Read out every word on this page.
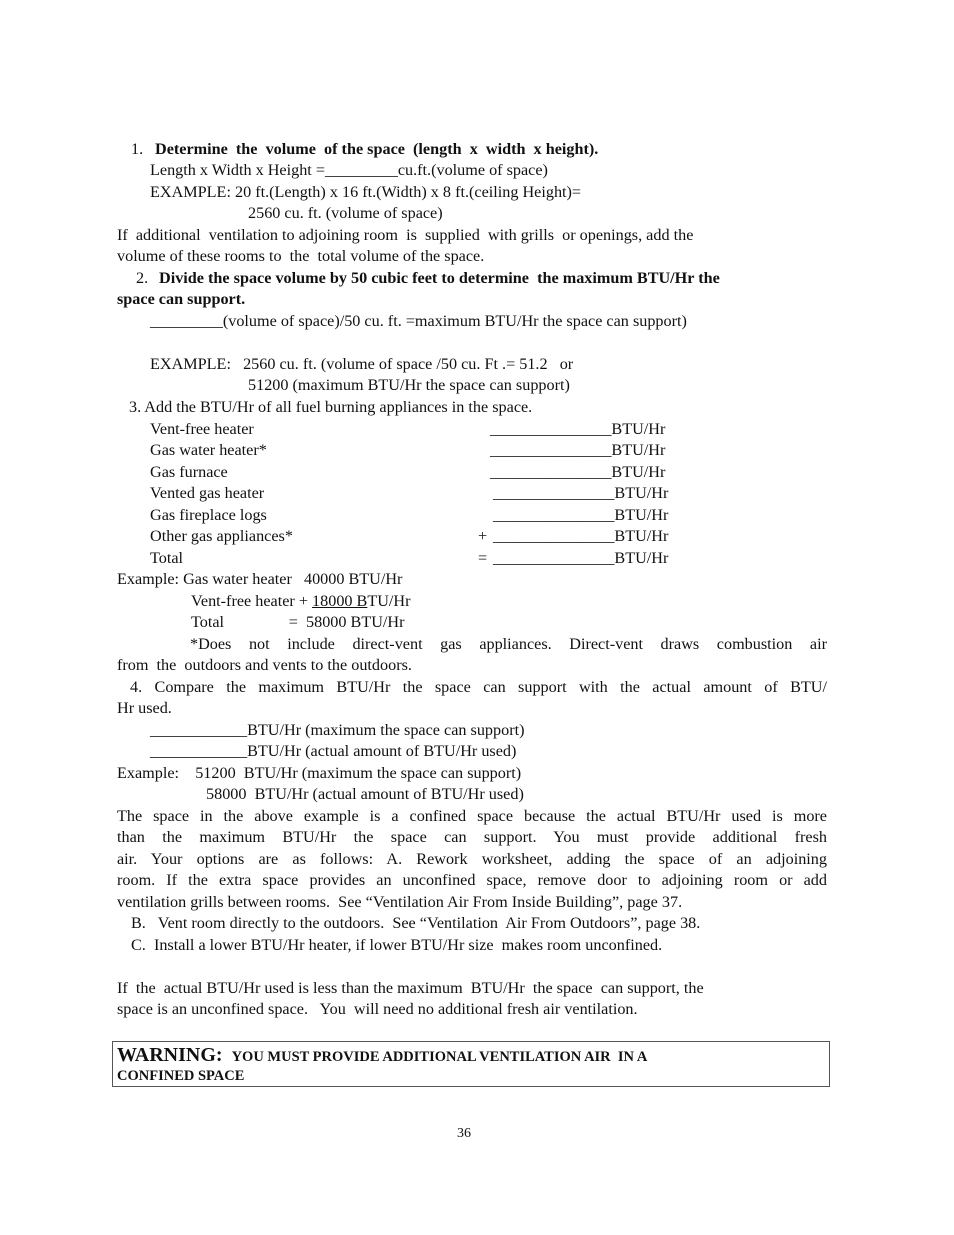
1. Determine  the  volume  of the space  (length  x  width  x height).
Length x Width x Height =_________cu.ft.(volume of space)
EXAMPLE: 20 ft.(Length) x 16 ft.(Width) x 8 ft.(ceiling Height)=
2560 cu. ft. (volume of space)
If  additional  ventilation to adjoining room  is  supplied  with grills  or openings, add the
volume of these rooms to  the  total volume of the space.
2. Divide the space volume by 50 cubic feet to determine  the maximum BTU/Hr the
space can support.
_________(volume of space)/50 cu. ft. =maximum BTU/Hr the space can support)
EXAMPLE:   2560 cu. ft. (volume of space /50 cu. Ft .= 51.2   or
51200 (maximum BTU/Hr the space can support)
3. Add the BTU/Hr of all fuel burning appliances in the space.
Vent-free heater	_______________BTU/Hr
Gas water heater*	_______________BTU/Hr
Gas furnace	_______________BTU/Hr
Vented gas heater	_______________BTU/Hr
Gas fireplace logs	_______________BTU/Hr
Other gas appliances*	+ _______________BTU/Hr
Total	= _______________BTU/Hr
Example: Gas water heater   40000 BTU/Hr
Vent-free heater + 18000 BTU/Hr
Total                =  58000 BTU/Hr
*Does not include direct-vent gas appliances. Direct-vent draws combustion air
from  the  outdoors and vents to the outdoors.
4. Compare the maximum BTU/Hr the space can support with the actual amount of BTU/
Hr used.
____________BTU/Hr (maximum the space can support)
____________BTU/Hr (actual amount of BTU/Hr used)
Example:    51200  BTU/Hr (maximum the space can support)
58000  BTU/Hr (actual amount of BTU/Hr used)
The space in the above example is a confined space because the actual BTU/Hr used is more
than the maximum BTU/Hr the space can support. You must provide additional fresh
air. Your options are as follows: A. Rework worksheet, adding the space of an adjoining
room. If the extra space provides an unconfined space, remove door to adjoining room or add
ventilation grills between rooms.  See “Ventilation Air From Inside Building”, page 37.
B.   Vent room directly to the outdoors.  See “Ventilation  Air From Outdoors”, page 38.
C.  Install a lower BTU/Hr heater, if lower BTU/Hr size  makes room unconfined.
If  the  actual BTU/Hr used is less than the maximum  BTU/Hr  the space  can support, the
space is an unconfined space.   You  will need no additional fresh air ventilation.
WARNING: YOU MUST PROVIDE ADDITIONAL VENTILATION AIR  IN A
CONFINED SPACE
36
